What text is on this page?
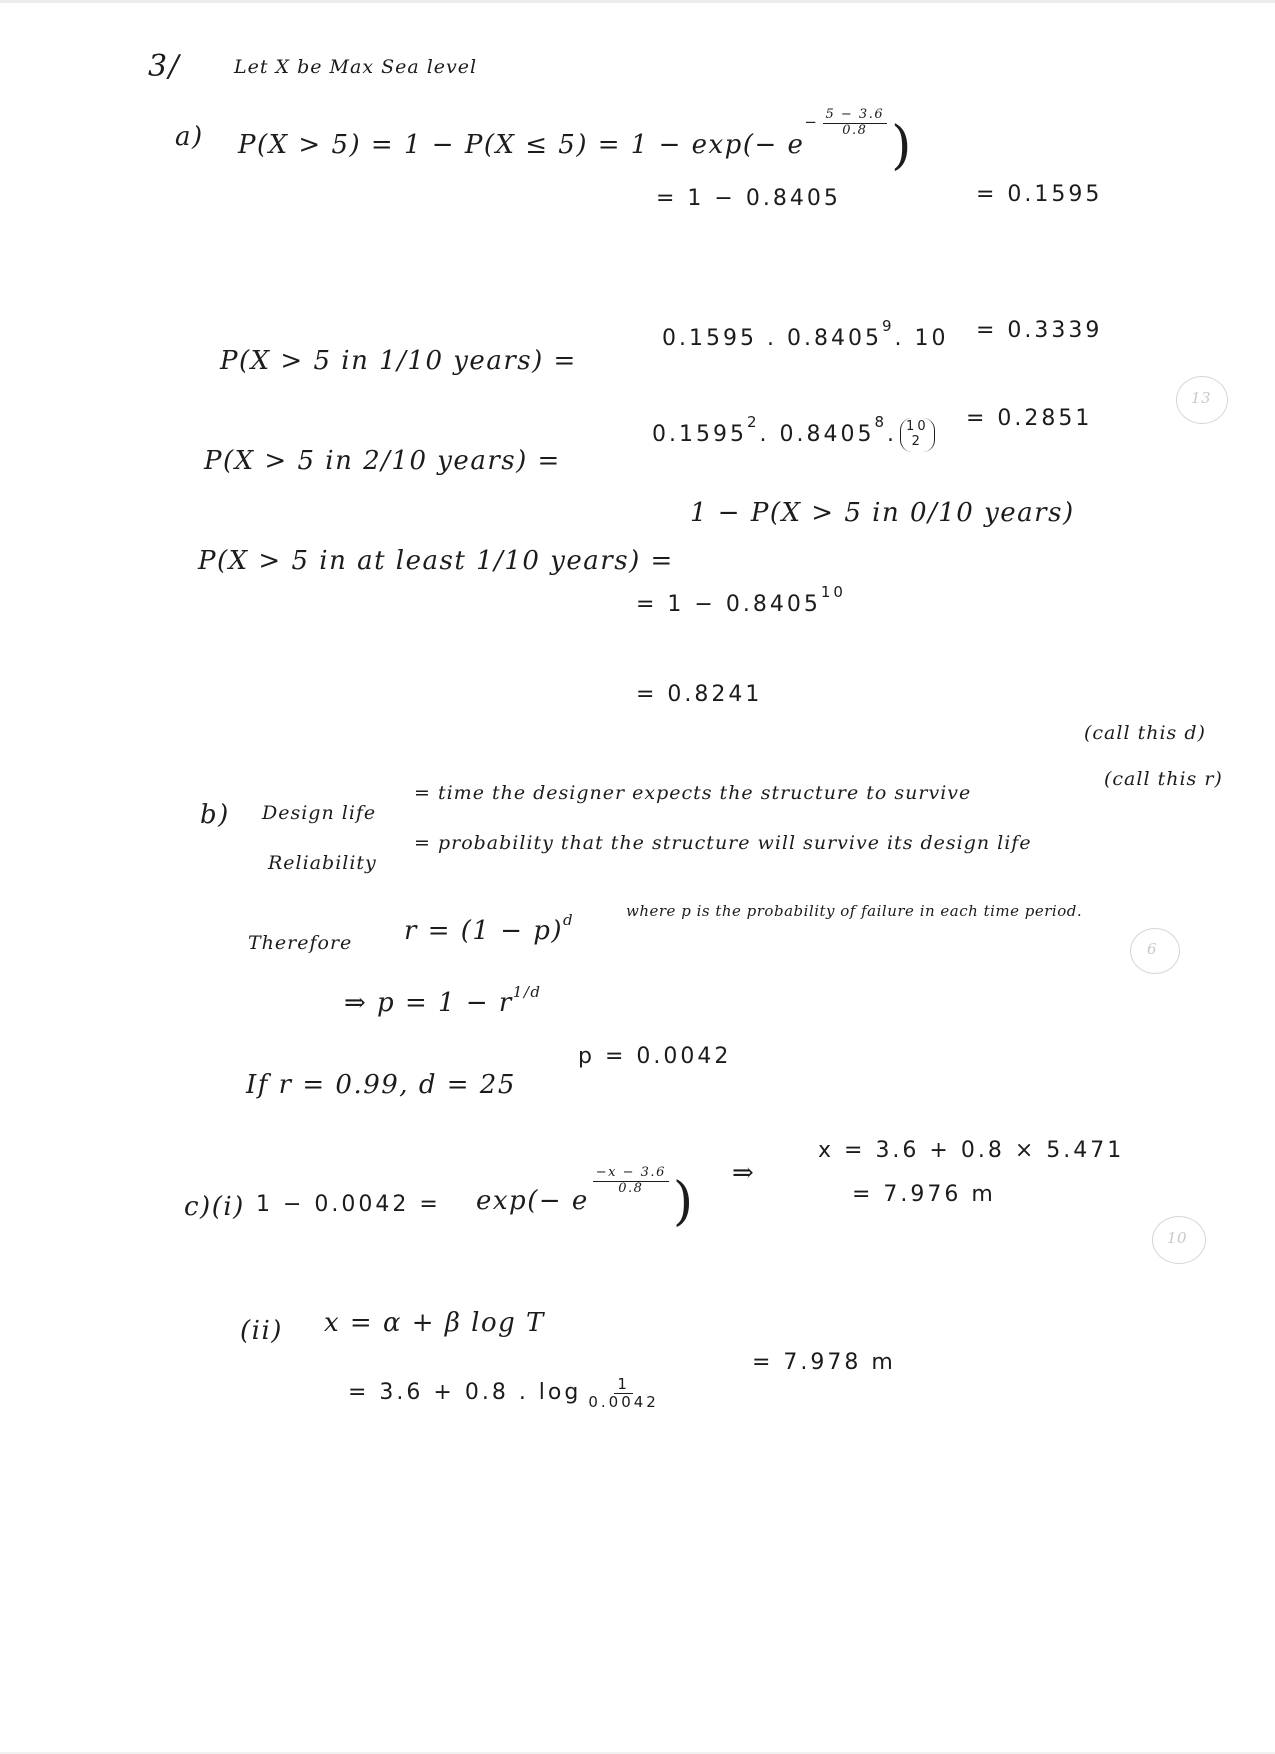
3/	Let X be Max Sea level
a) $P(X > 5) = 1 - P(X \le 5) = 1 - \exp(- e^{- \frac{5 - 3.6}{0.8}}$ )
= 1 − 0.8405	= 0.1595
P(X > 5 in 1/10 years) =
0.1595 . 0.8405$^9$. 10 = 0.3339
P(X > 5 in 2/10 years) =
$0.1595^2$. 0.8405$^8$. 10
2
= 0.2851
P(X > 5 in at least 1/10 years) =
1 − P(X > 5 in 0/10 years)
= $1 - 0.8405^{10}$
= 0.8241
b) Design life
= time the designer expects the structure to survive
(call this d)
Reliability
= probability that the structure will survive its design life
(call this r)
Therefore $r = (1 - p)^d$	where p is the probability of failure in each time period.
⇒ $p = 1 - r^{1/d}$
If r = 0.99, d = 25
p = 0.0042
c)(i) 1 − 0.0042 = exp(− e
$^{\frac{-x - 3.6}{0.8}}$ ) ⇒
x = 3.6 + 0.8 × 5.471
= 7.976 m
(ii) x = α + β log T
= 3.6 + 0.8 . $\log \frac{1}{0.0042}$
= 7.978 m
13
6
10
